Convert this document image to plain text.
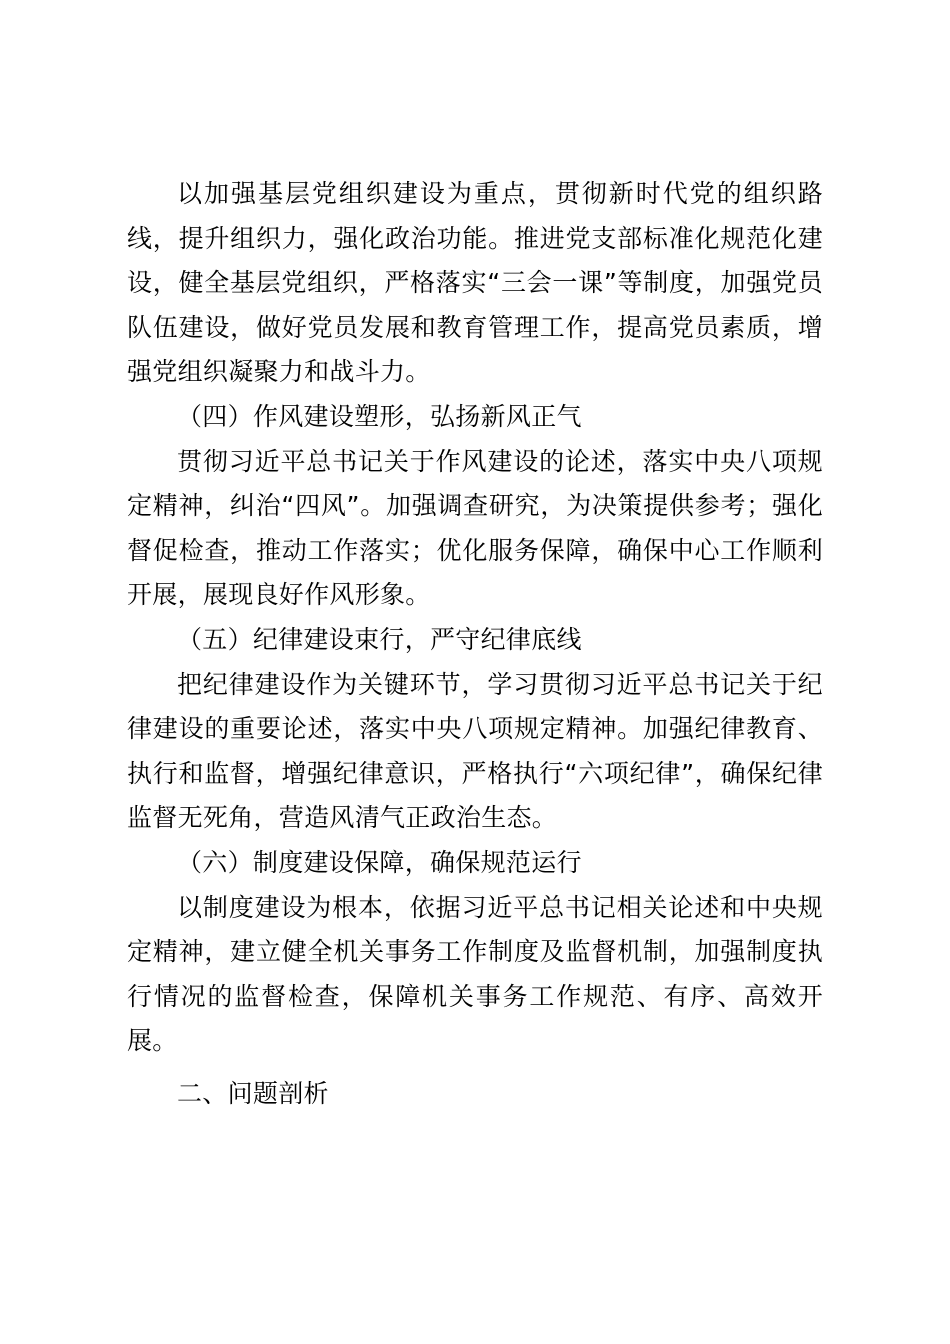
以加强基层党组织建设为重点，贯彻新时代党的组织路线，提升组织力，强化政治功能。推进党支部标准化规范化建设，健全基层党组织，严格落实“三会一课”等制度，加强党员队伍建设，做好党员发展和教育管理工作，提高党员素质，增强党组织凝聚力和战斗力。

（四）作风建设塑形，弘扬新风正气

贯彻习近平总书记关于作风建设的论述，落实中央八项规定精神，纠治“四风”。加强调查研究，为决策提供参考；强化督促检查，推动工作落实；优化服务保障，确保中心工作顺利开展，展现良好作风形象。

（五）纪律建设束行，严守纪律底线

把纪律建设作为关键环节，学习贯彻习近平总书记关于纪律建设的重要论述，落实中央八项规定精神。加强纪律教育、执行和监督，增强纪律意识，严格执行“六项纪律”，确保纪律监督无死角，营造风清气正政治生态。

（六）制度建设保障，确保规范运行

以制度建设为根本，依据习近平总书记相关论述和中央规定精神，建立健全机关事务工作制度及监督机制，加强制度执行情况的监督检查，保障机关事务工作规范、有序、高效开展。

二、问题剖析
